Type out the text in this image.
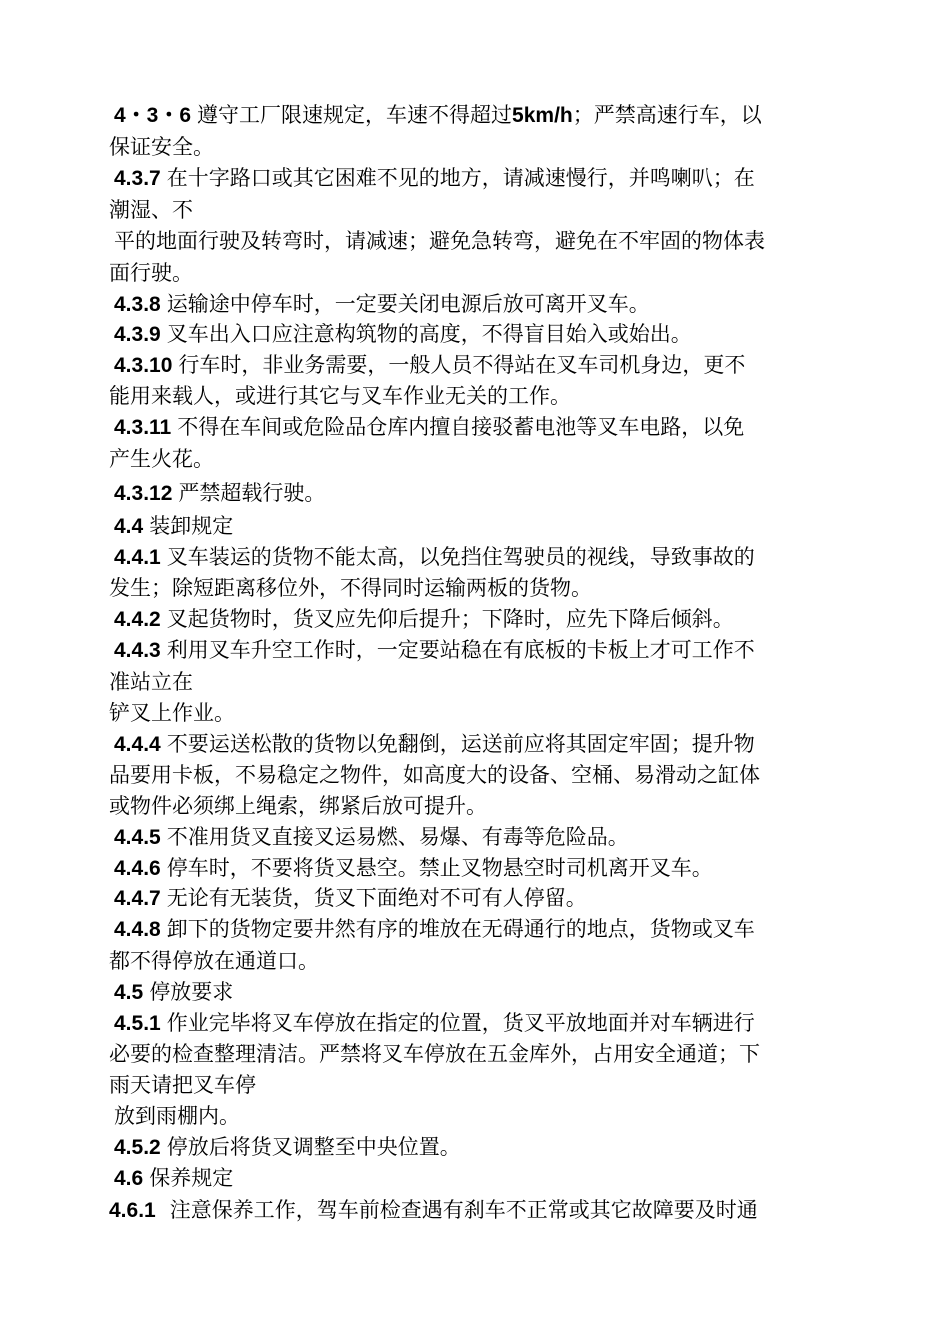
4・3・6 遵守工厂限速规定，车速不得超过5km/h；严禁高速行车，以
保证安全。
4.3.7 在十字路口或其它困难不见的地方，请减速慢行，并鸣喇叭；在
潮湿、不
平的地面行驶及转弯时，请减速；避免急转弯，避免在不牢固的物体表
面行驶。
4.3.8 运输途中停车时，一定要关闭电源后放可离开叉车。
4.3.9 叉车出入口应注意构筑物的高度，不得盲目始入或始出。
4.3.10 行车时，非业务需要，一般人员不得站在叉车司机身边，更不
能用来载人，或进行其它与叉车作业无关的工作。
4.3.11 不得在车间或危险品仓库内擅自接驳蓄电池等叉车电路，以免
产生火花。
4.3.12 严禁超载行驶。
4.4 装卸规定
4.4.1 叉车装运的货物不能太高，以免挡住驾驶员的视线，导致事故的
发生；除短距离移位外，不得同时运输两板的货物。
4.4.2 叉起货物时，货叉应先仰后提升；下降时，应先下降后倾斜。
4.4.3 利用叉车升空工作时，一定要站稳在有底板的卡板上才可工作不
准站立在
铲叉上作业。
4.4.4 不要运送松散的货物以免翻倒，运送前应将其固定牢固；提升物
品要用卡板，不易稳定之物件，如高度大的设备、空桶、易滑动之缸体
或物件必须绑上绳索，绑紧后放可提升。
4.4.5 不准用货叉直接叉运易燃、易爆、有毒等危险品。
4.4.6 停车时，不要将货叉悬空。禁止叉物悬空时司机离开叉车。
4.4.7 无论有无装货，货叉下面绝对不可有人停留。
4.4.8 卸下的货物定要井然有序的堆放在无碍通行的地点，货物或叉车
都不得停放在通道口。
4.5 停放要求
4.5.1 作业完毕将叉车停放在指定的位置，货叉平放地面并对车辆进行
必要的检查整理清洁。严禁将叉车停放在五金库外，占用安全通道；下
雨天请把叉车停
放到雨棚内。
4.5.2 停放后将货叉调整至中央位置。
4.6 保养规定
4.6.1 注意保养工作，驾车前检查遇有刹车不正常或其它故障要及时通
